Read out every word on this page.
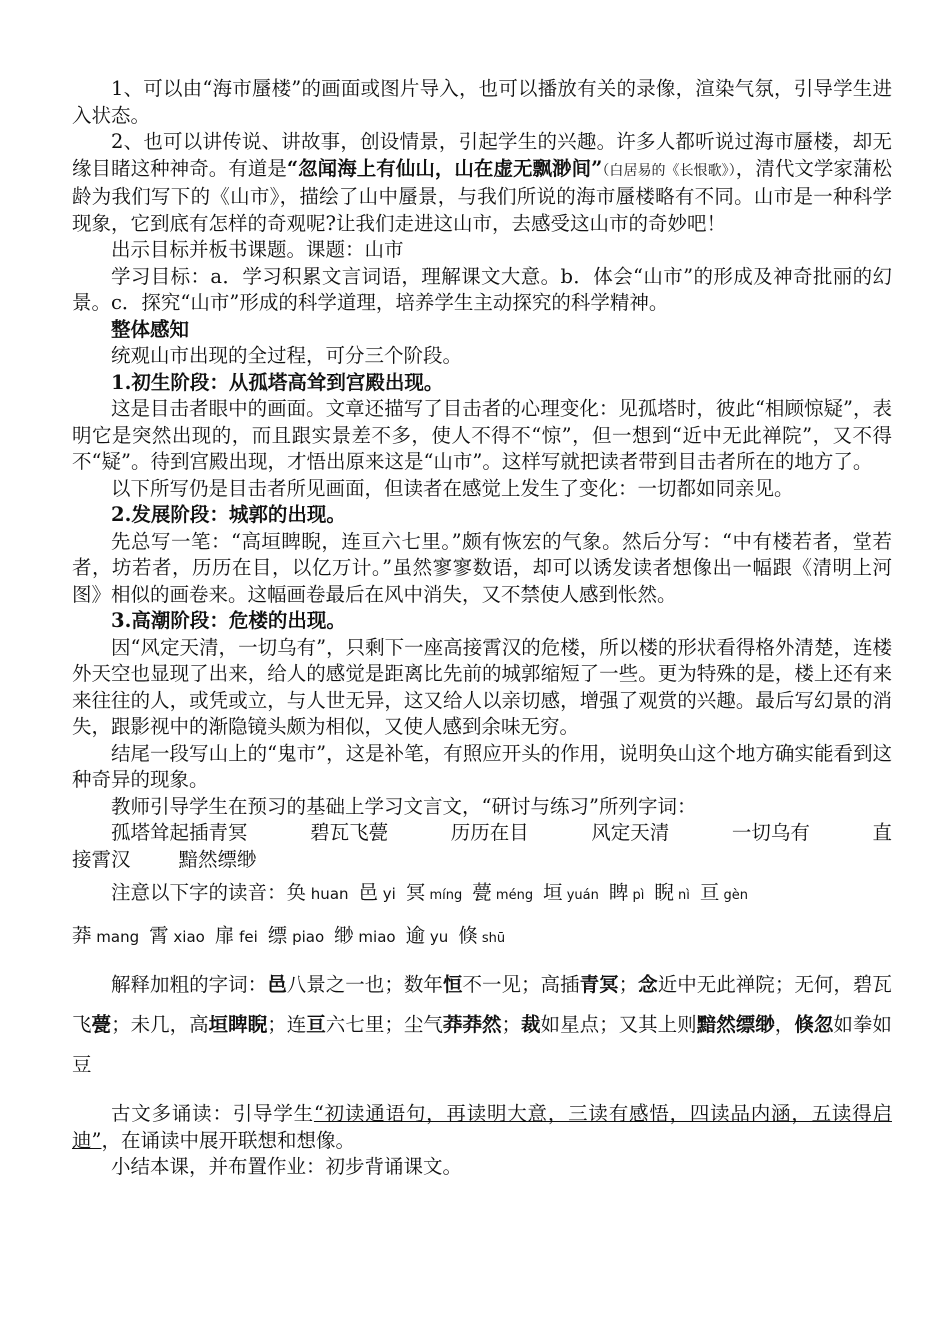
1、可以由“海市蜃楼”的画面或图片导入，也可以播放有关的录像，渲染气氛，引导学生进入状态。

2、也可以讲传说、讲故事，创设情景，引起学生的兴趣。许多人都听说过海市蜃楼，却无缘目睹这种神奇。有道是“忽闻海上有仙山，山在虚无飘渺间”（白居易的《长恨歌》），清代文学家蒲松龄为我们写下的《山市》，描绘了山中蜃景，与我们所说的海市蜃楼略有不同。山市是一种科学现象，它到底有怎样的奇观呢?让我们走进这山市，去感受这山市的奇妙吧！

出示目标并板书课题。课题：山市

学习目标：a．学习积累文言词语，理解课文大意。b．体会“山市”的形成及神奇批丽的幻景。c．探究“山市”形成的科学道理，培养学生主动探究的科学精神。

整体感知

统观山市出现的全过程，可分三个阶段。

1.初生阶段：从孤塔高耸到宫殿出现。

这是目击者眼中的画面。文章还描写了目击者的心理变化：见孤塔时，彼此“相顾惊疑”，表明它是突然出现的，而且跟实景差不多，使人不得不“惊”，但一想到“近中无此禅院”，又不得不“疑”。待到宫殿出现，才悟出原来这是“山市”。这样写就把读者带到目击者所在的地方了。

以下所写仍是目击者所见画面，但读者在感觉上发生了变化：一切都如同亲见。

2.发展阶段：城郭的出现。

先总写一笔：“高垣睥睨，连亘六七里。”颇有恢宏的气象。然后分写：“中有楼若者，堂若者，坊若者，历历在目，以亿万计。”虽然寥寥数语，却可以诱发读者想像出一幅跟《清明上河图》相似的画卷来。这幅画卷最后在风中消失，又不禁使人感到怅然。

3.高潮阶段：危楼的出现。

因“风定天清，一切乌有”，只剩下一座高接霄汉的危楼，所以楼的形状看得格外清楚，连楼外天空也显现了出来，给人的感觉是距离比先前的城郭缩短了一些。更为特殊的是，楼上还有来来往往的人，或凭或立，与人世无异，这又给人以亲切感，增强了观赏的兴趣。最后写幻景的消失，跟影视中的渐隐镜头颇为相似，又使人感到余味无穷。

结尾一段写山上的“鬼市”，这是补笔，有照应开头的作用，说明奂山这个地方确实能看到这种奇异的现象。

教师引导学生在预习的基础上学习文言文，“研讨与练习”所列字词：

孤塔耸起插青冥	碧瓦飞甍	历历在目	风定天清	一切乌有	直

接霄汉 黯然缥缈

注意以下字的读音：奂 huan 邑 yi 冥 míng 甍 méng 垣 yuán 睥 pì 睨 nì 亘 gèn
莽 mang 霄 xiao 扉 fei 缥 piao 缈 miao 逾 yu 倏 shū

解释加粗的字词：邑八景之一也；数年恒不一见；高插青冥；念近中无此禅院；无何，碧瓦飞甍；未几，高垣睥睨；连亘六七里；尘气莽莽然；裁如星点；又其上则黯然缥缈，倏忽如拳如豆

古文多诵读：引导学生“初读通语句，再读明大意，三读有感悟，四读品内涵，五读得启迪”，在诵读中展开联想和想像。

小结本课，并布置作业：初步背诵课文。
